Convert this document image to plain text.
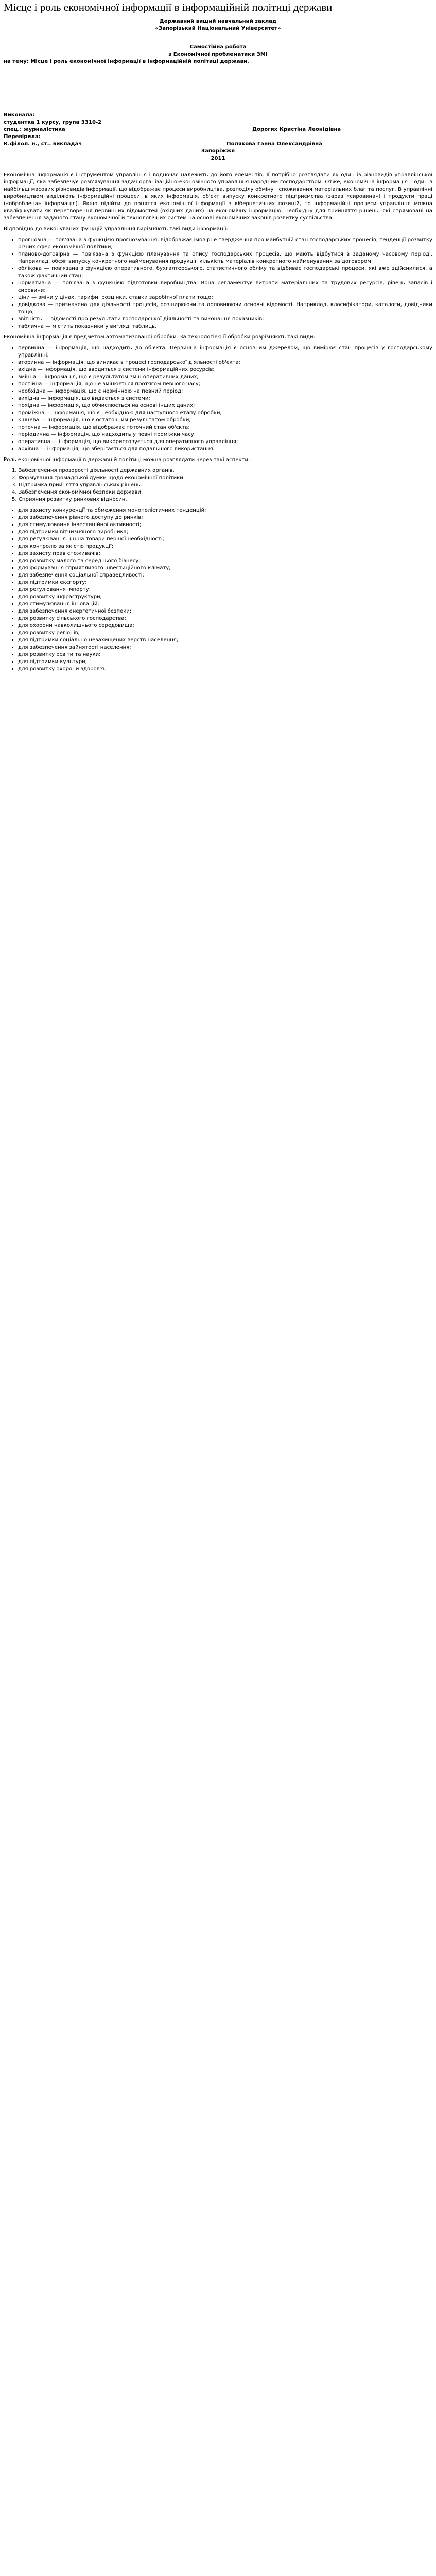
Місце і роль економічної інформації в інформаційній політиці держави
Державний вищий навчальний заклад
«Запорізький Національний Університет»
Самостійна робота
з Економічної проблематики ЗМІ
на тему: Місце і роль економічної інформації в інформаційній політиці держави.
Виконала:
студентка 1 курсу, група 3310-2
спец.: журналістика	Дорогих Кристіна Леонідівна
Перевірила:
К.філол. н., ст.. викладач	Полякова Ганна Олександрівна
Запоріжжя
2011

Економічна інформація є інструментом управління і водночас належить до його елементів. Її потрібно розглядати як один із різновидів управлінської інформації, яка забезпечує розв'язування задач організаційно-економічного управління народним господарством. Отже, економічна інформація – один з найбільш масових різновидів інформації, що відображає процеси виробництва, розподілу обміну і споживання матеріальних благ та послуг. В управлінні виробництвом виділяють інформаційні процеси, в яких інформація, об'єкт випуску конкретного підприємства (зараз «сировина») і продукти праці («оброблена» інформація). Якщо підійти до поняття економічної інформації з кібернетичних позицій, то інформаційні процеси управління можна кваліфікувати як перетворення первинних відомостей (вхідних даних) на економічну інформацію, необхідну для прийняття рішень, які спрямовані на забезпечення заданого стану економічної й технологічних систем на основі економічних законів розвитку суспільства.

Відповідно до виконуваних функцій управління вирізняють такі види інформації:

• прогнозна — пов'язана з функцією прогнозування, відображає імовірне твердження про майбутній стан господарських процесів, тенденції розвитку різних сфер економічної політики;
• планово-договірна — пов'язана з функцією планування та опису господарських процесів, що мають відбутися в заданому часовому періоді. Наприклад, обсяг випуску конкретного найменування продукції, кількість матеріалів конкретного найменування за договором;
• облікова — пов'язана з функцією оперативного, бухгалтерського, статистичного обліку та відбиває господарські процеси, які вже здійснилися, а також фактичний стан;
• нормативна — пов'язана з функцією підготовки виробництва. Вона регламентує витрати матеріальних та трудових ресурсів, рівень запасів і сировини;
• ціни — зміни у цінах, тарифи, розцінки, ставки заробітної плати тощо;
• довідкова — призначена для діяльності процесів, розширюючи та доповнюючи основні відомості. Наприклад, класифікатори, каталоги, довідники тощо;
• звітність — відомості про результати господарської діяльності та виконання показників;
• таблична — містить показники у вигляді таблиць.

Економічна інформація є предметом автоматизованої обробки. За технологією її обробки розрізняють такі види:

• первинна — інформація, що надходить до об'єкта. Первинна інформація є основним джерелом, що вимірює стан процесів у господарському управлінні;
• вторинна — інформація, що виникає в процесі господарської діяльності об'єкта;
• вхідна — інформація, що вводиться з системи інформаційних ресурсів;
• змінна — інформація, що є результатом змін оперативних даних;
• постійна — інформація, що не змінюється протягом певного часу;
• необхідна — інформація, що є незмінною на певний період;
• вихідна — інформація, що видається з системи;
• похідна — інформація, що обчислюється на основі інших даних;
• проміжна — інформація, що є необхідною для наступного етапу обробки;
• кінцева — інформація, що є остаточним результатом обробки;
• поточна — інформація, що відображає поточний стан об'єкта;
• періодична — інформація, що надходить у певні проміжки часу;
• оперативна — інформація, що використовується для оперативного управління;
• архівна — інформація, що зберігається для подальшого використання.

Роль економічної інформації в державній політиці можна розглядати через такі аспекти:

1. Забезпечення прозорості діяльності державних органів.
2. Формування громадської думки щодо економічної політики.
3. Підтримка прийняття управлінських рішень.
4. Забезпечення економічної безпеки держави.
5. Сприяння розвитку ринкових відносин.
• для захисту конкуренції та обмеження монополістичних тенденцій;
• для забезпечення рівного доступу до ринків;
• для стимулювання інвестиційної активності;
• для підтримки вітчизняного виробника;
• для регулювання цін на товари першої необхідності;
• для контролю за якістю продукції;
• для захисту прав споживачів;
• для розвитку малого та середнього бізнесу;
• для формування сприятливого інвестиційного клімату;
• для забезпечення соціальної справедливості;
• для підтримки експорту;
• для регулювання імпорту;
• для розвитку інфраструктури;
• для стимулювання інновацій;
• для забезпечення енергетичної безпеки;
• для розвитку сільського господарства;
• для охорони навколишнього середовища;
• для розвитку регіонів;
• для підтримки соціально незахищених верств населення;
• для забезпечення зайнятості населення;
• для розвитку освіти та науки;
• для підтримки культури;
• для розвитку охорони здоров'я.
